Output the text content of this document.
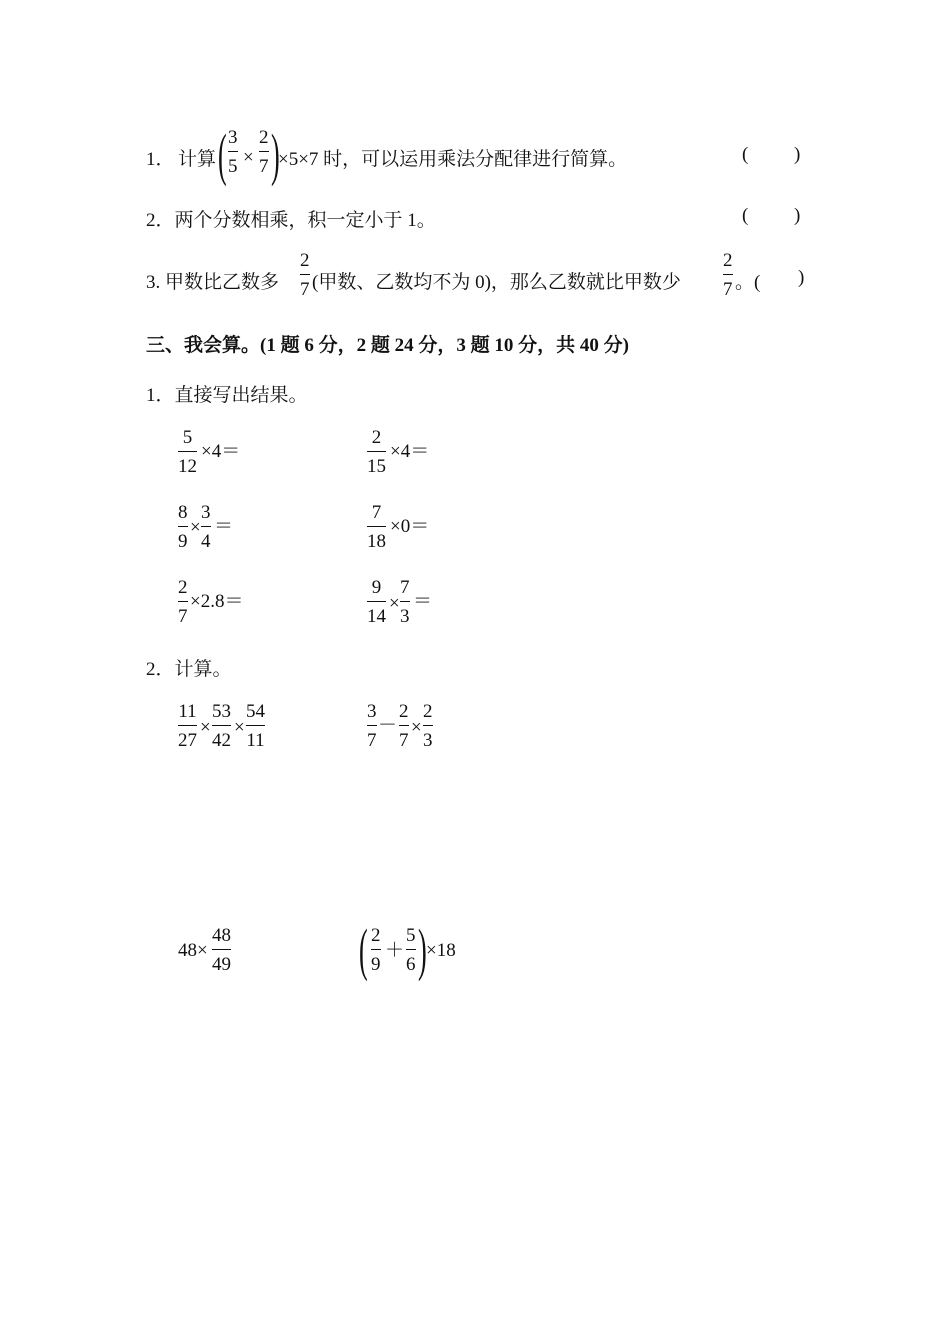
1． 计算 ( 3
5 ×
2
7 )
×5×7 时，可以运用乘法分配律进行简算。	( )
2．两个分数相乘，积一定小于 1。	( )
3. 甲数比乙数多
2
7 (甲数、乙数均不为 0)，那么乙数就比甲数少
2
7 。( )
三、我会算。(1 题 6 分，2 题 24 分，3 题 10 分，共 40 分)
1．直接写出结果。
5
12
×4＝
2
15
×4＝
8
9
×
3
4
＝
7
18
×0＝
2
7
×2.8＝
9
14
×
7
3
＝
2．计算。
11
27
×
53
42
×
54
11
3
7
－
2
7
×
2
3
48×
48
49 ( 2
9
＋
5
6 ) ×18
